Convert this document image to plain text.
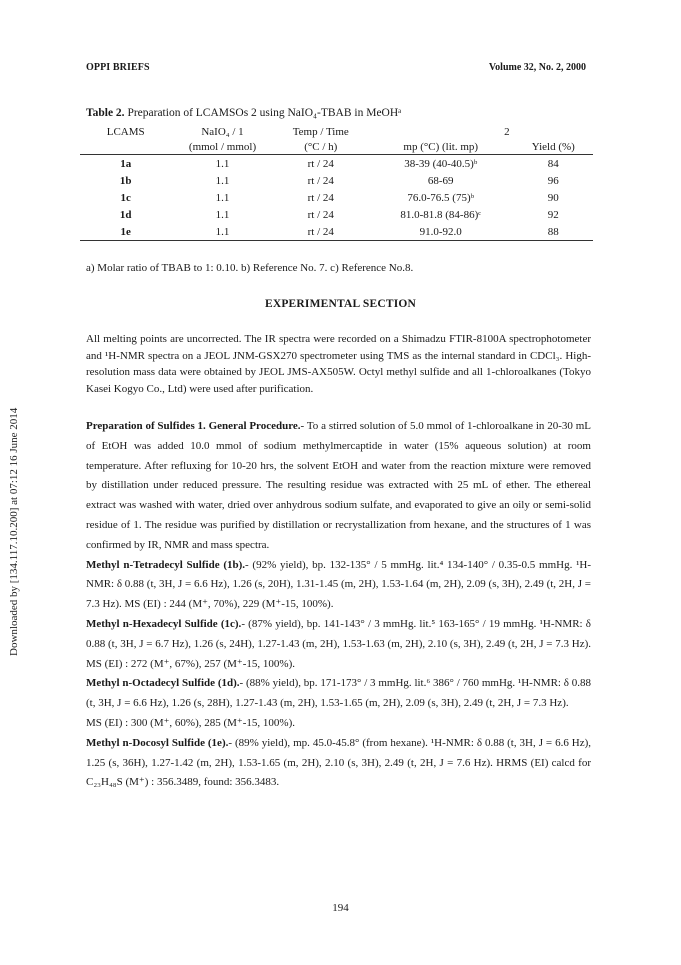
OPPI BRIEFS	Volume 32, No. 2, 2000
Downloaded by [134.117.10.200] at 07:12 16 June 2014
Table 2. Preparation of LCAMSOs 2 using NaIO₄-TBAB in MeOHᵃ
LCAMS	NaIO₄ / 1	Temp / Time	2	
	(mmol / mmol)	(°C / h)	mp (°C) (lit. mp)	Yield (%)
1a	1.1	rt / 24	38-39 (40-40.5)ᵇ	84
1b	1.1	rt / 24	68-69	96
1c	1.1	rt / 24	76.0-76.5 (75)ᵇ	90
1d	1.1	rt / 24	81.0-81.8 (84-86)ᶜ	92
1e	1.1	rt / 24	91.0-92.0	88
a) Molar ratio of TBAB to 1: 0.10. b) Reference No. 7. c) Reference No.8.
EXPERIMENTAL SECTION

All melting points are uncorrected. The IR spectra were recorded on a Shimadzu FTIR-8100A spectrophotometer and ¹H-NMR spectra on a JEOL JNM-GSX270 spectrometer using TMS as the internal standard in CDCl₃. High-resolution mass data were obtained by JEOL JMS-AX505W. Octyl methyl sulfide and all 1-chloroalkanes (Tokyo Kasei Kogyo Co., Ltd) were used after purification.

Preparation of Sulfides 1. General Procedure.- To a stirred solution of 5.0 mmol of 1-chloroalkane in 20-30 mL of EtOH was added 10.0 mmol of sodium methylmercaptide in water (15% aqueous solution) at room temperature. After refluxing for 10-20 hrs, the solvent EtOH and water from the reaction mixture were removed by distillation under reduced pressure. The resulting residue was extracted with 25 mL of ether. The ethereal extract was washed with water, dried over anhydrous sodium sulfate, and evaporated to give an oily or semi-solid residue of 1. The residue was purified by distillation or recrystallization from hexane, and the structures of 1 was confirmed by IR, NMR and mass spectra.

Methyl n-Tetradecyl Sulfide (1b).- (92% yield), bp. 132-135° / 5 mmHg. lit.⁴ 134-140° / 0.35-0.5 mmHg. ¹H-NMR: δ 0.88 (t, 3H, J = 6.6 Hz), 1.26 (s, 20H), 1.31-1.45 (m, 2H), 1.53-1.64 (m, 2H), 2.09 (s, 3H), 2.49 (t, 2H, J = 7.3 Hz). MS (EI) : 244 (M⁺, 70%), 229 (M⁺-15, 100%).

Methyl n-Hexadecyl Sulfide (1c).- (87% yield), bp. 141-143° / 3 mmHg. lit.⁵ 163-165° / 19 mmHg. ¹H-NMR: δ 0.88 (t, 3H, J = 6.7 Hz), 1.26 (s, 24H), 1.27-1.43 (m, 2H), 1.53-1.63 (m, 2H), 2.10 (s, 3H), 2.49 (t, 2H, J = 7.3 Hz). MS (EI) : 272 (M⁺, 67%), 257 (M⁺-15, 100%).

Methyl n-Octadecyl Sulfide (1d).- (88% yield), bp. 171-173° / 3 mmHg. lit.⁶ 386° / 760 mmHg. ¹H-NMR: δ 0.88 (t, 3H, J = 6.6 Hz), 1.26 (s, 28H), 1.27-1.43 (m, 2H), 1.53-1.65 (m, 2H), 2.09 (s, 3H), 2.49 (t, 2H, J = 7.3 Hz).

MS (EI) : 300 (M⁺, 60%), 285 (M⁺-15, 100%).

Methyl n-Docosyl Sulfide (1e).- (89% yield), mp. 45.0-45.8° (from hexane). ¹H-NMR: δ 0.88 (t, 3H, J = 6.6 Hz), 1.25 (s, 36H), 1.27-1.42 (m, 2H), 1.53-1.65 (m, 2H), 2.10 (s, 3H), 2.49 (t, 2H, J = 7.6 Hz). HRMS (EI) calcd for C₂₃H₄₈S (M⁺) : 356.3489, found: 356.3483.

194
